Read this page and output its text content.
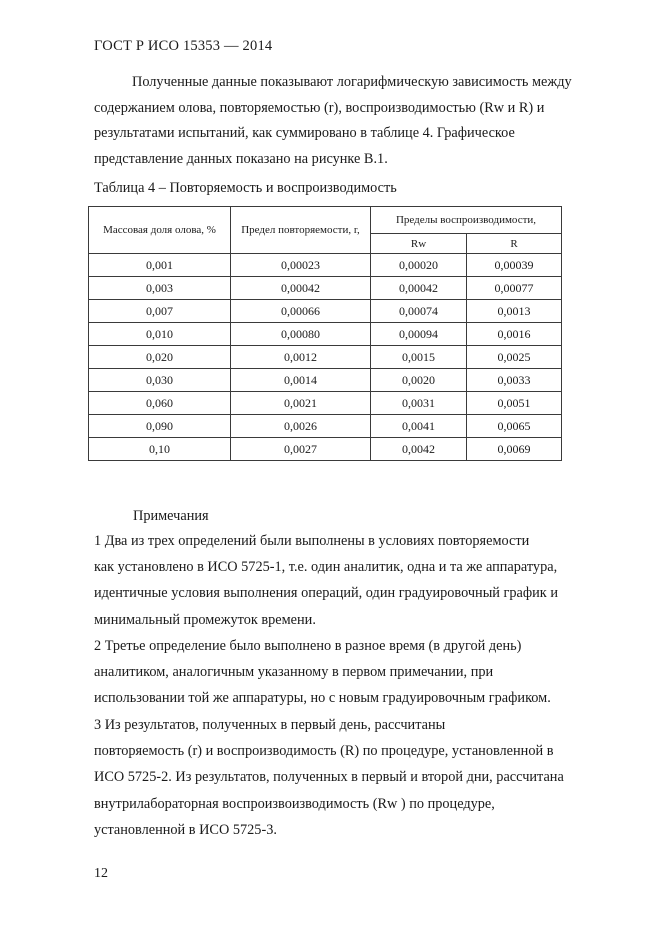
ГОСТ Р ИСО 15353 — 2014
Полученные данные показывают логарифмическую зависимость между
содержанием олова, повторяемостью (r), воспроизводимостью (Rw и R) и
результатами испытаний, как суммировано в таблице 4. Графическое
представление данных показано на рисунке В.1.
Таблица 4 – Повторяемость и воспроизводимость
Массовая доля олова, %	Предел повторяемости, r,	Пределы воспроизводимости,	
		Rw	R
0,001	0,00023	0,00020	0,00039
0,003	0,00042	0,00042	0,00077
0,007	0,00066	0,00074	0,0013
0,010	0,00080	0,00094	0,0016
0,020	0,0012	0,0015	0,0025
0,030	0,0014	0,0020	0,0033
0,060	0,0021	0,0031	0,0051
0,090	0,0026	0,0041	0,0065
0,10	0,0027	0,0042	0,0069
Примечания
1 Два из трех определений были выполнены в условиях повторяемости
как установлено в ИСО 5725-1, т.е. один аналитик, одна и та же аппаратура,
идентичные условия выполнения операций, один градуировочный график и
минимальный промежуток времени.
2 Третье определение было выполнено в разное время (в другой день)
аналитиком, аналогичным указанному в первом примечании, при
использовании той же аппаратуры, но с новым градуировочным графиком.
3 Из результатов, полученных в первый день, рассчитаны
повторяемость (r) и воспроизводимость (R) по процедуре, установленной в
ИСО 5725-2. Из результатов, полученных в первый и второй дни, рассчитана
внутрилабораторная воспроизвоизводимость (Rw ) по процедуре,
установленной в ИСО 5725-3.
12
